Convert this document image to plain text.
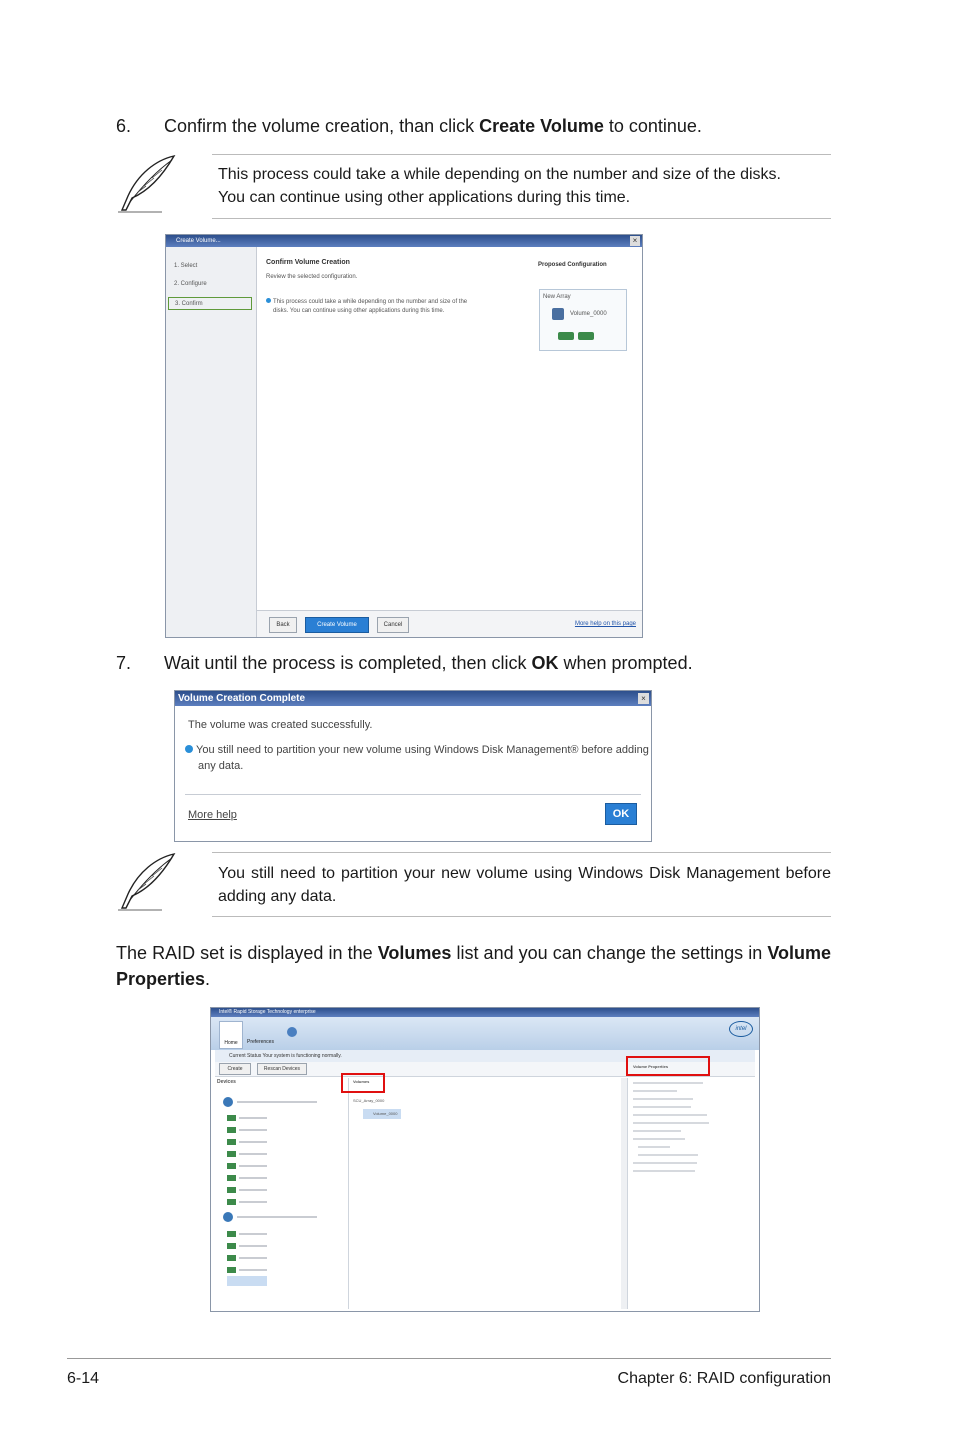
6. Confirm the volume creation, than click Create Volume to continue.
This process could take a while depending on the number and size of the disks.
You can continue using other applications during this time.
Create Volume...	×
1. Select
2. Configure
3. Confirm
Confirm Volume Creation
Review the selected configuration.
This process could take a while depending on the number and size of the
disks. You can continue using other applications during this time.
Proposed Configuration
New Array
Volume_0000
Back	Create Volume	Cancel	More help on this page
7. Wait until the process is completed, then click OK when prompted.
Volume Creation Complete	×
The volume was created successfully.
You still need to partition your new volume using Windows Disk Management® before adding
any data.
More help	OK
You still need to partition your new volume using Windows Disk Management before adding any data.
The RAID set is displayed in the Volumes list and you can change the settings in Volume Properties.
Intel® Rapid Storage Technology enterprise
Home	Preferences
intel
Current Status Your system is functioning normally.
Create	Rescan Devices
Devices	Volumes
SCU_Array_0000
Volume_0000
Volume Properties
6-14	Chapter 6: RAID configuration
